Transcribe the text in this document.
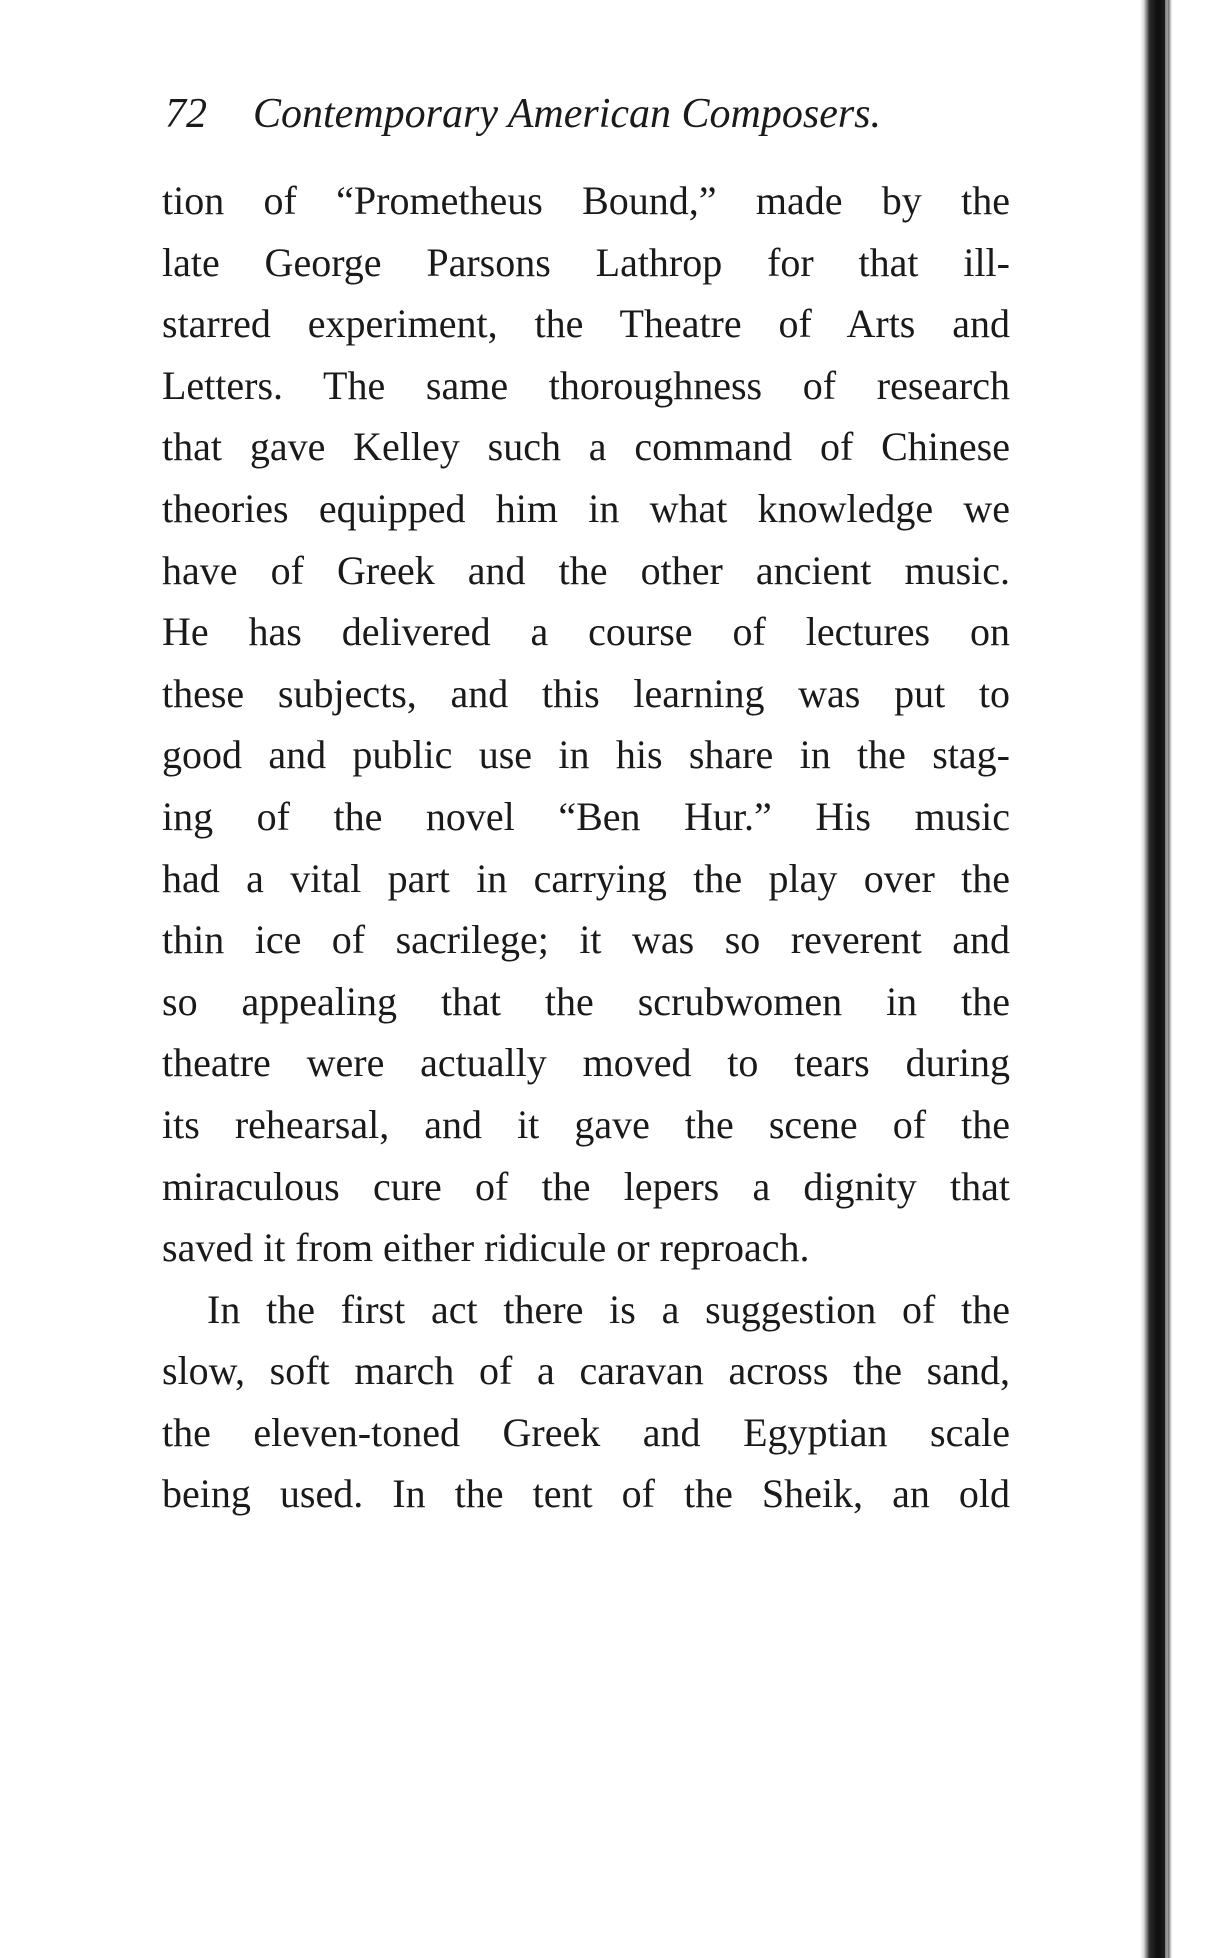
72 Contemporary American Composers.
tion of “Prometheus Bound,” made by the
late George Parsons Lathrop for that ill-
starred experiment, the Theatre of Arts and
Letters. The same thoroughness of research
that gave Kelley such a command of Chinese
theories equipped him in what knowledge we
have of Greek and the other ancient music.
He has delivered a course of lectures on
these subjects, and this learning was put to
good and public use in his share in the stag-
ing of the novel “Ben Hur.” His music
had a vital part in carrying the play over the
thin ice of sacrilege; it was so reverent and
so appealing that the scrubwomen in the
theatre were actually moved to tears during
its rehearsal, and it gave the scene of the
miraculous cure of the lepers a dignity that
saved it from either ridicule or reproach.
In the first act there is a suggestion of the
slow, soft march of a caravan across the sand,
the eleven-toned Greek and Egyptian scale
being used. In the tent of the Sheik, an old
